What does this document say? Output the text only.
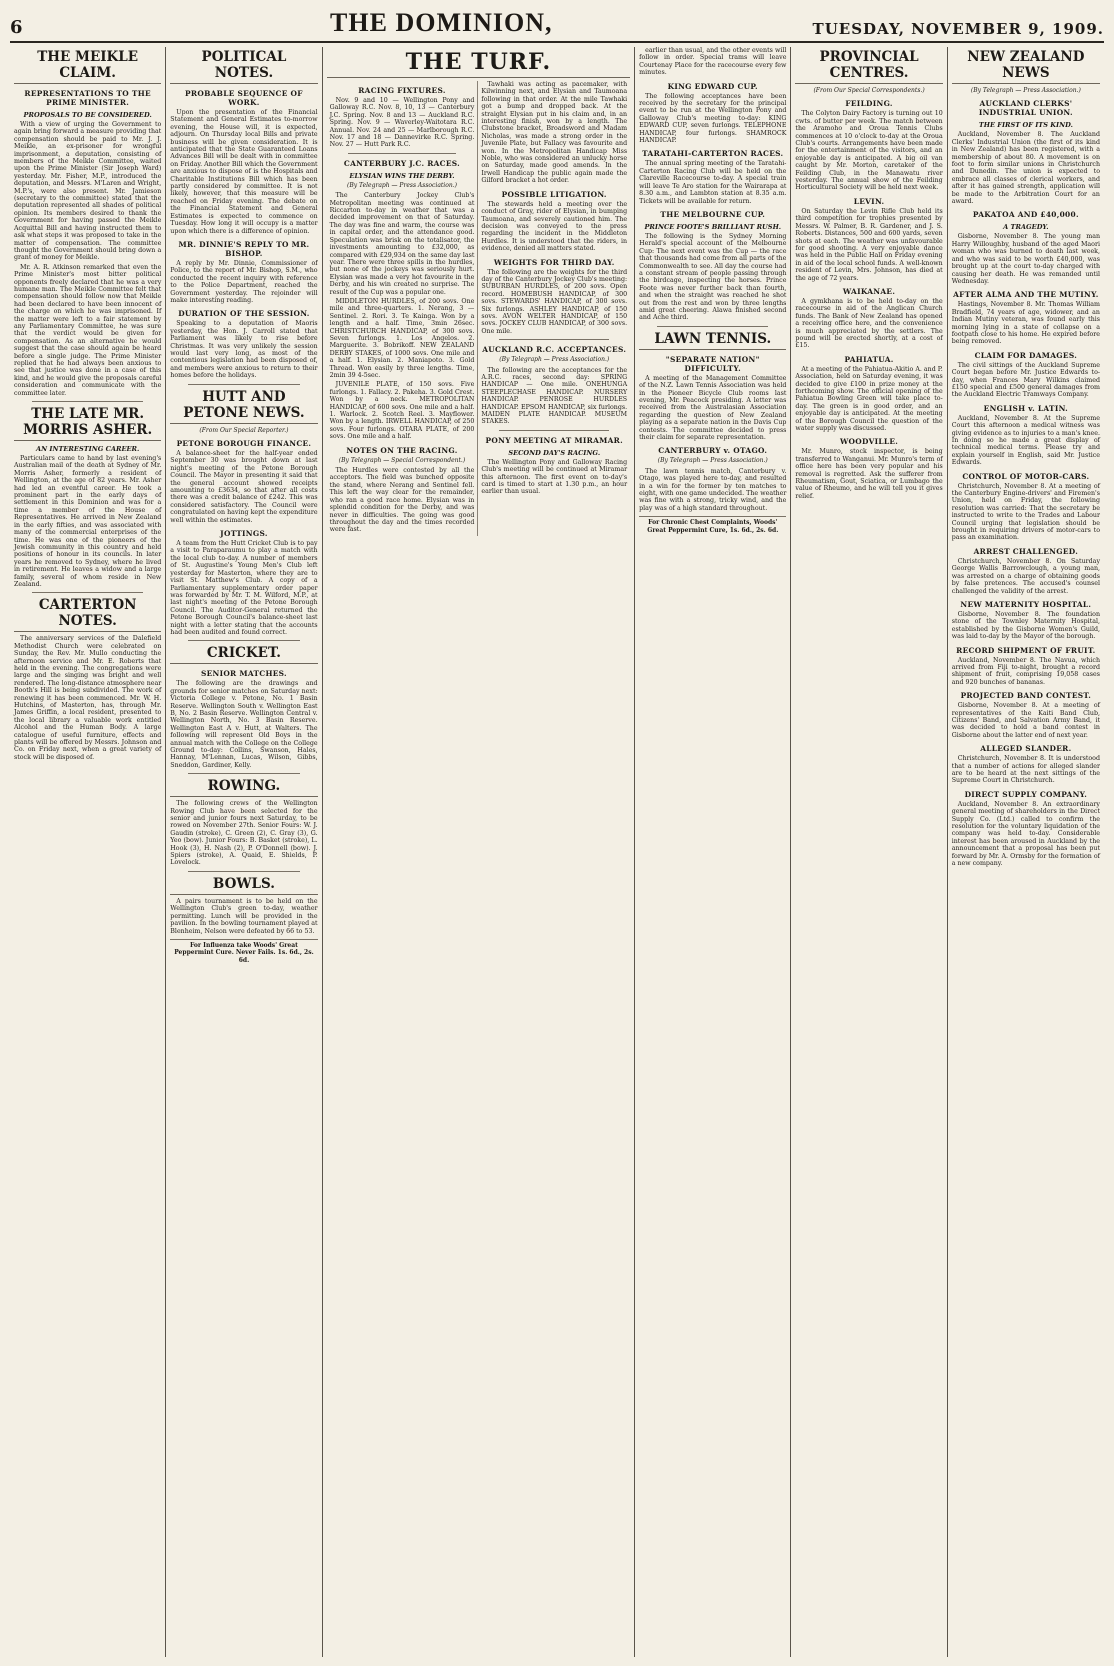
6	THE DOMINION,	TUESDAY, NOVEMBER 9, 1909.
THE MEIKLE CLAIM.
REPRESENTATIONS TO THE PRIME MINISTER.
PROPOSALS TO BE CONSIDERED.

With a view of urging the Government to again bring forward a measure providing that compensation should be paid to Mr. J. J. Meikle, an ex-prisoner for wrongful imprisonment, a deputation, consisting of members of the Meikle Committee, waited upon the Prime Minister (Sir Joseph Ward) yesterday. Mr. Fisher, M.P., introduced the deputation, and Messrs. M'Laren and Wright, M.P.'s, were also present. Mr. Jamieson (secretary to the committee) stated that the deputation represented all shades of political opinion. Its members desired to thank the Government for having passed the Meikle Acquittal Bill and having instructed them to ask what steps it was proposed to take in the matter of compensation. The committee thought the Government should bring down a grant of money for Meikle.

Mr. A. R. Atkinson remarked that even the Prime Minister's most bitter political opponents freely declared that he was a very humane man. The Meikle Committee felt that compensation should follow now that Meikle had been declared to have been innocent of the charge on which he was imprisoned. If the matter were left to a fair statement by any Parliamentary Committee, he was sure that the verdict would be given for compensation. As an alternative he would suggest that the case should again be heard before a single judge. The Prime Minister replied that he had always been anxious to see that justice was done in a case of this kind, and he would give the proposals careful consideration and communicate with the committee later.

THE LATE MR. MORRIS ASHER.
AN INTERESTING CAREER.

Particulars came to hand by last evening's Australian mail of the death at Sydney of Mr. Morris Asher, formerly a resident of Wellington, at the age of 82 years. Mr. Asher had led an eventful career. He took a prominent part in the early days of settlement in this Dominion and was for a time a member of the House of Representatives. He arrived in New Zealand in the early fifties, and was associated with many of the commercial enterprises of the time. He was one of the pioneers of the Jewish community in this country and held positions of honour in its councils. In later years he removed to Sydney, where he lived in retirement. He leaves a widow and a large family, several of whom reside in New Zealand.

CARTERTON NOTES.

The anniversary services of the Dalefield Methodist Church were celebrated on Sunday, the Rev. Mr. Mullo conducting the afternoon service and Mr. E. Roberts that held in the evening. The congregations were large and the singing was bright and well rendered. The long-distance atmosphere near Booth's Hill is being subdivided. The work of renewing it has been commenced. Mr. W. H. Hutchins, of Masterton, has, through Mr. James Griffin, a local resident, presented to the local library a valuable work entitled Alcohol and the Human Body. A large catalogue of useful furniture, effects and plants will be offered by Messrs. Johnson and Co. on Friday next, when a great variety of stock will be disposed of.

POLITICAL NOTES.
PROBABLE SEQUENCE OF WORK.

Upon the presentation of the Financial Statement and General Estimates to-morrow evening, the House will, it is expected, adjourn. On Thursday local Bills and private business will be given consideration. It is anticipated that the State Guaranteed Loans Advances Bill will be dealt with in committee on Friday. Another Bill which the Government are anxious to dispose of is the Hospitals and Charitable Institutions Bill which has been partly considered by committee. It is not likely, however, that this measure will be reached on Friday evening. The debate on the Financial Statement and General Estimates is expected to commence on Tuesday. How long it will occupy is a matter upon which there is a difference of opinion.

MR. DINNIE'S REPLY TO MR. BISHOP.

A reply by Mr. Dinnie, Commissioner of Police, to the report of Mr. Bishop, S.M., who conducted the recent inquiry with reference to the Police Department, reached the Government yesterday. The rejoinder will make interesting reading.

DURATION OF THE SESSION.

Speaking to a deputation of Maoris yesterday, the Hon. J. Carroll stated that Parliament was likely to rise before Christmas. It was very unlikely the session would last very long, as most of the contentious legislation had been disposed of, and members were anxious to return to their homes before the holidays.

HUTT AND PETONE NEWS.
(From Our Special Reporter.)
PETONE BOROUGH FINANCE.

A balance-sheet for the half-year ended September 30 was brought down at last night's meeting of the Petone Borough Council. The Mayor in presenting it said that the general account showed receipts amounting to £3634, so that after all costs there was a credit balance of £242. This was considered satisfactory. The Council were congratulated on having kept the expenditure well within the estimates.

JOTTINGS.

A team from the Hutt Cricket Club is to pay a visit to Paraparaumu to play a match with the local club to-day. A number of members of St. Augustine's Young Men's Club left yesterday for Masterton, where they are to visit St. Matthew's Club. A copy of a Parliamentary supplementary order paper was forwarded by Mr. T. M. Wilford, M.P., at last night's meeting of the Petone Borough Council. The Auditor-General returned the Petone Borough Council's balance-sheet last night with a letter stating that the accounts had been audited and found correct.

CRICKET.
SENIOR MATCHES.

The following are the drawings and grounds for senior matches on Saturday next: Victoria College v. Petone, No. 1 Basin Reserve. Wellington South v. Wellington East B, No. 2 Basin Reserve. Wellington Central v. Wellington North, No. 3 Basin Reserve. Wellington East A v. Hutt, at Walters. The following will represent Old Boys in the annual match with the College on the College Ground to-day: Collins, Swanson, Hales, Hannay, M'Lennan, Lucas, Wilson, Gibbs, Sneddon, Gardiner, Kelly.

ROWING.

The following crews of the Wellington Rowing Club have been selected for the senior and junior fours next Saturday, to be rowed on November 27th. Senior Fours: W. J. Gaudin (stroke), C. Green (2), C. Gray (3), G. Yeo (bow). Junior Fours: B. Basket (stroke), L. Hook (3), H. Nash (2), P. O'Donnell (bow). J. Spiers (stroke), A. Quaid, E. Shields, P. Lovelock.

BOWLS.

A pairs tournament is to be held on the Wellington Club's green to-day, weather permitting. Lunch will be provided in the pavilion. In the bowling tournament played at Blenheim, Nelson were defeated by 66 to 53.

For Influenza take Woods' Great Peppermint Cure. Never Fails. 1s. 6d., 2s. 6d.
THE TURF.
RACING FIXTURES.

Nov. 9 and 10 — Wellington Pony and Galloway R.C. Nov. 8, 10, 13 — Canterbury J.C. Spring. Nov. 8 and 13 — Auckland R.C. Spring. Nov. 9 — Waverley-Waitotara R.C. Annual. Nov. 24 and 25 — Marlborough R.C. Nov. 17 and 18 — Dannevirke R.C. Spring. Nov. 27 — Hutt Park R.C.

CANTERBURY J.C. RACES.
ELYSIAN WINS THE DERBY.
(By Telegraph — Press Association.)

The Canterbury Jockey Club's Metropolitan meeting was continued at Riccarton to-day in weather that was a decided improvement on that of Saturday. The day was fine and warm, the course was in capital order, and the attendance good. Speculation was brisk on the totalisator, the investments amounting to £32,000, as compared with £29,934 on the same day last year. There were three spills in the hurdles, but none of the jockeys was seriously hurt. Elysian was made a very hot favourite in the Derby, and his win created no surprise. The result of the Cup was a popular one.

MIDDLETON HURDLES, of 200 sovs. One mile and three-quarters. 1. Nerang, 3 — Sentinel. 2. Rori. 3. Te Kainga. Won by a length and a half. Time, 3min 26sec. CHRISTCHURCH HANDICAP, of 300 sovs. Seven furlongs. 1. Los Angelos. 2. Marguerite. 3. Bobrikoff. NEW ZEALAND DERBY STAKES, of 1000 sovs. One mile and a half. 1. Elysian. 2. Maniapoto. 3. Gold Thread. Won easily by three lengths. Time, 2min 39 4-5sec.

JUVENILE PLATE, of 150 sovs. Five furlongs. 1. Fallacy. 2. Pakeha. 3. Gold Crest. Won by a neck. METROPOLITAN HANDICAP, of 600 sovs. One mile and a half. 1. Warlock. 2. Scotch Reel. 3. Mayflower. Won by a length. IRWELL HANDICAP, of 250 sovs. Four furlongs. OTARA PLATE, of 200 sovs. One mile and a half.

NOTES ON THE RACING.
(By Telegraph — Special Correspondent.)

The Hurdles were contested by all the acceptors. The field was bunched opposite the stand, where Nerang and Sentinel fell. This left the way clear for the remainder, who ran a good race home. Elysian was in splendid condition for the Derby, and was never in difficulties. The going was good throughout the day and the times recorded were fast.

Tawhaki was acting as pacemaker, with Kilwinning next, and Elysian and Taumoana following in that order. At the mile Tawhaki got a bump and dropped back. At the straight Elysian put in his claim and, in an interesting finish, won by a length. The Clubstone bracket, Broadsword and Madam Nicholas, was made a strong order in the Juvenile Plate, but Fallacy was favourite and won. In the Metropolitan Handicap Miss Noble, who was considered an unlucky horse on Saturday, made good amends. In the Irwell Handicap the public again made the Gilford bracket a hot order.

POSSIBLE LITIGATION.

The stewards held a meeting over the conduct of Gray, rider of Elysian, in bumping Taumoana, and severely cautioned him. The decision was conveyed to the press regarding the incident in the Middleton Hurdles. It is understood that the riders, in evidence, denied all matters stated.

WEIGHTS FOR THIRD DAY.

The following are the weights for the third day of the Canterbury Jockey Club's meeting: SUBURBAN HURDLES, of 200 sovs. Open record. HOMEBUSH HANDICAP, of 300 sovs. STEWARDS' HANDICAP, of 300 sovs. Six furlongs. ASHLEY HANDICAP, of 150 sovs. AVON WELTER HANDICAP, of 150 sovs. JOCKEY CLUB HANDICAP, of 300 sovs. One mile.

AUCKLAND R.C. ACCEPTANCES.
(By Telegraph — Press Association.)

The following are the acceptances for the A.R.C. races, second day: SPRING HANDICAP — One mile. ONEHUNGA STEEPLECHASE HANDICAP. NURSERY HANDICAP. PENROSE HURDLES HANDICAP. EPSOM HANDICAP, six furlongs. MAIDEN PLATE HANDICAP. MUSEUM STAKES.

PONY MEETING AT MIRAMAR.
SECOND DAY'S RACING.

The Wellington Pony and Galloway Racing Club's meeting will be continued at Miramar this afternoon. The first event on to-day's card is timed to start at 1.30 p.m., an hour earlier than usual.

earlier than usual, and the other events will follow in order. Special trams will leave Courtenay Place for the racecourse every few minutes.

KING EDWARD CUP.

The following acceptances have been received by the secretary for the principal event to be run at the Wellington Pony and Galloway Club's meeting to-day: KING EDWARD CUP, seven furlongs. TELEPHONE HANDICAP, four furlongs. SHAMROCK HANDICAP.

TARATAHI-CARTERTON RACES.

The annual spring meeting of the Taratahi-Carterton Racing Club will be held on the Clareville Racecourse to-day. A special train will leave Te Aro station for the Wairarapa at 8.30 a.m., and Lambton station at 8.35 a.m. Tickets will be available for return.

THE MELBOURNE CUP.
PRINCE FOOTE'S BRILLIANT RUSH.

The following is the Sydney Morning Herald's special account of the Melbourne Cup: The next event was the Cup — the race that thousands had come from all parts of the Commonwealth to see. All day the course had a constant stream of people passing through the birdcage, inspecting the horses. Prince Foote was never further back than fourth, and when the straight was reached he shot out from the rest and won by three lengths amid great cheering. Alawa finished second and Ache third.

LAWN TENNIS.
"SEPARATE NATION" DIFFICULTY.

A meeting of the Management Committee of the N.Z. Lawn Tennis Association was held in the Pioneer Bicycle Club rooms last evening, Mr. Peacock presiding. A letter was received from the Australasian Association regarding the question of New Zealand playing as a separate nation in the Davis Cup contests. The committee decided to press their claim for separate representation.

CANTERBURY v. OTAGO.
(By Telegraph — Press Association.)

The lawn tennis match, Canterbury v. Otago, was played here to-day, and resulted in a win for the former by ten matches to eight, with one game undecided. The weather was fine with a strong, tricky wind, and the play was of a high standard throughout.

For Chronic Chest Complaints, Woods' Great Peppermint Cure, 1s. 6d., 2s. 6d.
PROVINCIAL CENTRES.
(From Our Special Correspondents.)
FEILDING.

The Colyton Dairy Factory is turning out 10 cwts. of butter per week. The match between the Aramoho and Oroua Tennis Clubs commences at 10 o'clock to-day at the Oroua Club's courts. Arrangements have been made for the entertainment of the visitors, and an enjoyable day is anticipated. A big oil van caught by Mr. Morton, caretaker of the Feilding Club, in the Manawatu river yesterday. The annual show of the Feilding Horticultural Society will be held next week.

LEVIN.

On Saturday the Levin Rifle Club held its third competition for trophies presented by Messrs. W. Palmer, B. R. Gardener, and J. S. Roberts. Distances, 500 and 600 yards, seven shots at each. The weather was unfavourable for good shooting. A very enjoyable dance was held in the Public Hall on Friday evening in aid of the local school funds. A well-known resident of Levin, Mrs. Johnson, has died at the age of 72 years.

WAIKANAE.

A gymkhana is to be held to-day on the racecourse in aid of the Anglican Church funds. The Bank of New Zealand has opened a receiving office here, and the convenience is much appreciated by the settlers. The pound will be erected shortly, at a cost of £15.

PAHIATUA.

At a meeting of the Pahiatua-Akitio A. and P. Association, held on Saturday evening, it was decided to give £100 in prize money at the forthcoming show. The official opening of the Pahiatua Bowling Green will take place to-day. The green is in good order, and an enjoyable day is anticipated. At the meeting of the Borough Council the question of the water supply was discussed.

WOODVILLE.

Mr. Munro, stock inspector, is being transferred to Wanganui. Mr. Munro's term of office here has been very popular and his removal is regretted. Ask the sufferer from Rheumatism, Gout, Sciatica, or Lumbago the value of Rheumo, and he will tell you it gives relief.

NEW ZEALAND NEWS
(By Telegraph — Press Association.)
AUCKLAND CLERKS' INDUSTRIAL UNION.
THE FIRST OF ITS KIND.

Auckland, November 8. The Auckland Clerks' Industrial Union (the first of its kind in New Zealand) has been registered, with a membership of about 80. A movement is on foot to form similar unions in Christchurch and Dunedin. The union is expected to embrace all classes of clerical workers, and after it has gained strength, application will be made to the Arbitration Court for an award.

PAKATOA AND £40,000.
A TRAGEDY.

Gisborne, November 8. The young man Harry Willoughby, husband of the aged Maori woman who was burned to death last week, and who was said to be worth £40,000, was brought up at the court to-day charged with causing her death. He was remanded until Wednesday.

AFTER ALMA AND THE MUTINY.

Hastings, November 8. Mr. Thomas William Bradfield, 74 years of age, widower, and an Indian Mutiny veteran, was found early this morning lying in a state of collapse on a footpath close to his home. He expired before being removed.

CLAIM FOR DAMAGES.

The civil sittings of the Auckland Supreme Court began before Mr. Justice Edwards to-day, when Frances Mary Wilkins claimed £150 special and £500 general damages from the Auckland Electric Tramways Company.

ENGLISH v. LATIN.

Auckland, November 8. At the Supreme Court this afternoon a medical witness was giving evidence as to injuries to a man's knee. In doing so he made a great display of technical medical terms. Please try and explain yourself in English, said Mr. Justice Edwards.

CONTROL OF MOTOR-CARS.

Christchurch, November 8. At a meeting of the Canterbury Engine-drivers' and Firemen's Union, held on Friday, the following resolution was carried: That the secretary be instructed to write to the Trades and Labour Council urging that legislation should be brought in requiring drivers of motor-cars to pass an examination.

ARREST CHALLENGED.

Christchurch, November 8. On Saturday George Wallis Barrowclough, a young man, was arrested on a charge of obtaining goods by false pretences. The accused's counsel challenged the validity of the arrest.

NEW MATERNITY HOSPITAL.

Gisborne, November 8. The foundation stone of the Townley Maternity Hospital, established by the Gisborne Women's Guild, was laid to-day by the Mayor of the borough.

RECORD SHIPMENT OF FRUIT.

Auckland, November 8. The Navua, which arrived from Fiji to-night, brought a record shipment of fruit, comprising 19,058 cases and 920 bunches of bananas.

PROJECTED BAND CONTEST.

Gisborne, November 8. At a meeting of representatives of the Kaiti Band Club, Citizens' Band, and Salvation Army Band, it was decided to hold a band contest in Gisborne about the latter end of next year.

ALLEGED SLANDER.

Christchurch, November 8. It is understood that a number of actions for alleged slander are to be heard at the next sittings of the Supreme Court in Christchurch.

DIRECT SUPPLY COMPANY.

Auckland, November 8. An extraordinary general meeting of shareholders in the Direct Supply Co. (Ltd.) called to confirm the resolution for the voluntary liquidation of the company was held to-day. Considerable interest has been aroused in Auckland by the announcement that a proposal has been put forward by Mr. A. Ormsby for the formation of a new company.
